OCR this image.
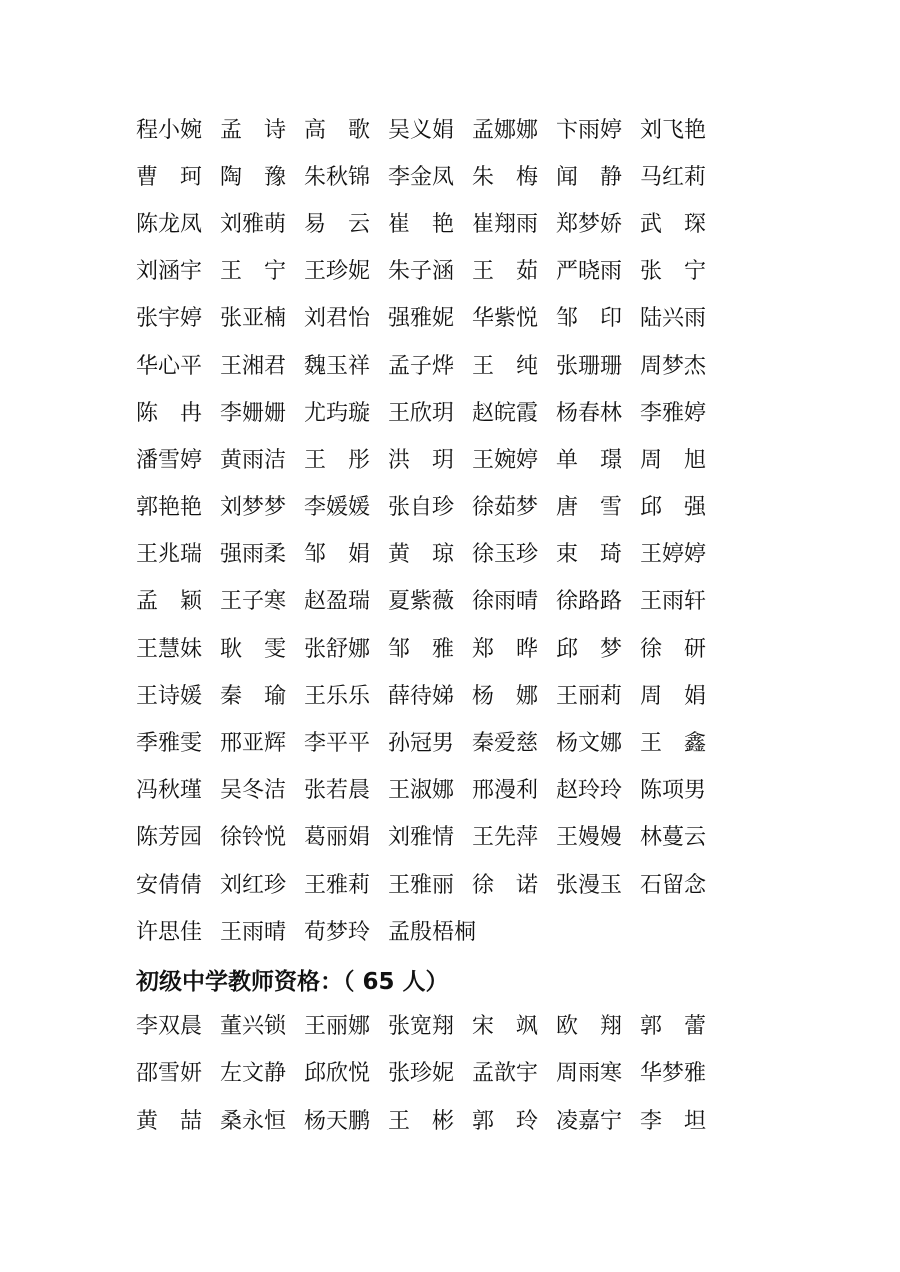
程小婉 孟　诗 高　歌 吴义娟 孟娜娜 卞雨婷 刘飞艳
曹　珂 陶　豫 朱秋锦 李金凤 朱　梅 闻　静 马红莉
陈龙凤 刘雅萌 易　云 崔　艳 崔翔雨 郑梦娇 武　琛
刘涵宇 王　宁 王珍妮 朱子涵 王　茹 严晓雨 张　宁
张宇婷 张亚楠 刘君怡 强雅妮 华紫悦 邹　印 陆兴雨
华心平 王湘君 魏玉祥 孟子烨 王　纯 张珊珊 周梦杰
陈　冉 李姗姗 尤玙璇 王欣玥 赵皖霞 杨春林 李雅婷
潘雪婷 黄雨洁 王　彤 洪　玥 王婉婷 单　璟 周　旭
郭艳艳 刘梦梦 李媛媛 张自珍 徐茹梦 唐　雪 邱　强
王兆瑞 强雨柔 邹　娟 黄　琼 徐玉珍 束　琦 王婷婷
孟　颖 王子寒 赵盈瑞 夏紫薇 徐雨晴 徐路路 王雨轩
王慧妹 耿　雯 张舒娜 邹　雅 郑　晔 邱　梦 徐　研
王诗媛 秦　瑜 王乐乐 薛待娣 杨　娜 王丽莉 周　娟
季雅雯 邢亚辉 李平平 孙冠男 秦爱慈 杨文娜 王　鑫
冯秋瑾 吴冬洁 张若晨 王淑娜 邢漫利 赵玲玲 陈项男
陈芳园 徐铃悦 葛丽娟 刘雅情 王先萍 王嫚嫚 林蔓云
安倩倩 刘红珍 王雅莉 王雅丽 徐　诺 张漫玉 石留念
许思佳 王雨晴 荀梦玲 孟殷梧桐
初级中学教师资格：（ 65 人）
李双晨 董兴锁 王丽娜 张宽翔 宋　飒 欧　翔 郭　蕾
邵雪妍 左文静 邱欣悦 张珍妮 孟歆宇 周雨寒 华梦雅
黄　喆 桑永恒 杨天鹏 王　彬 郭　玲 凌嘉宁 李　坦
